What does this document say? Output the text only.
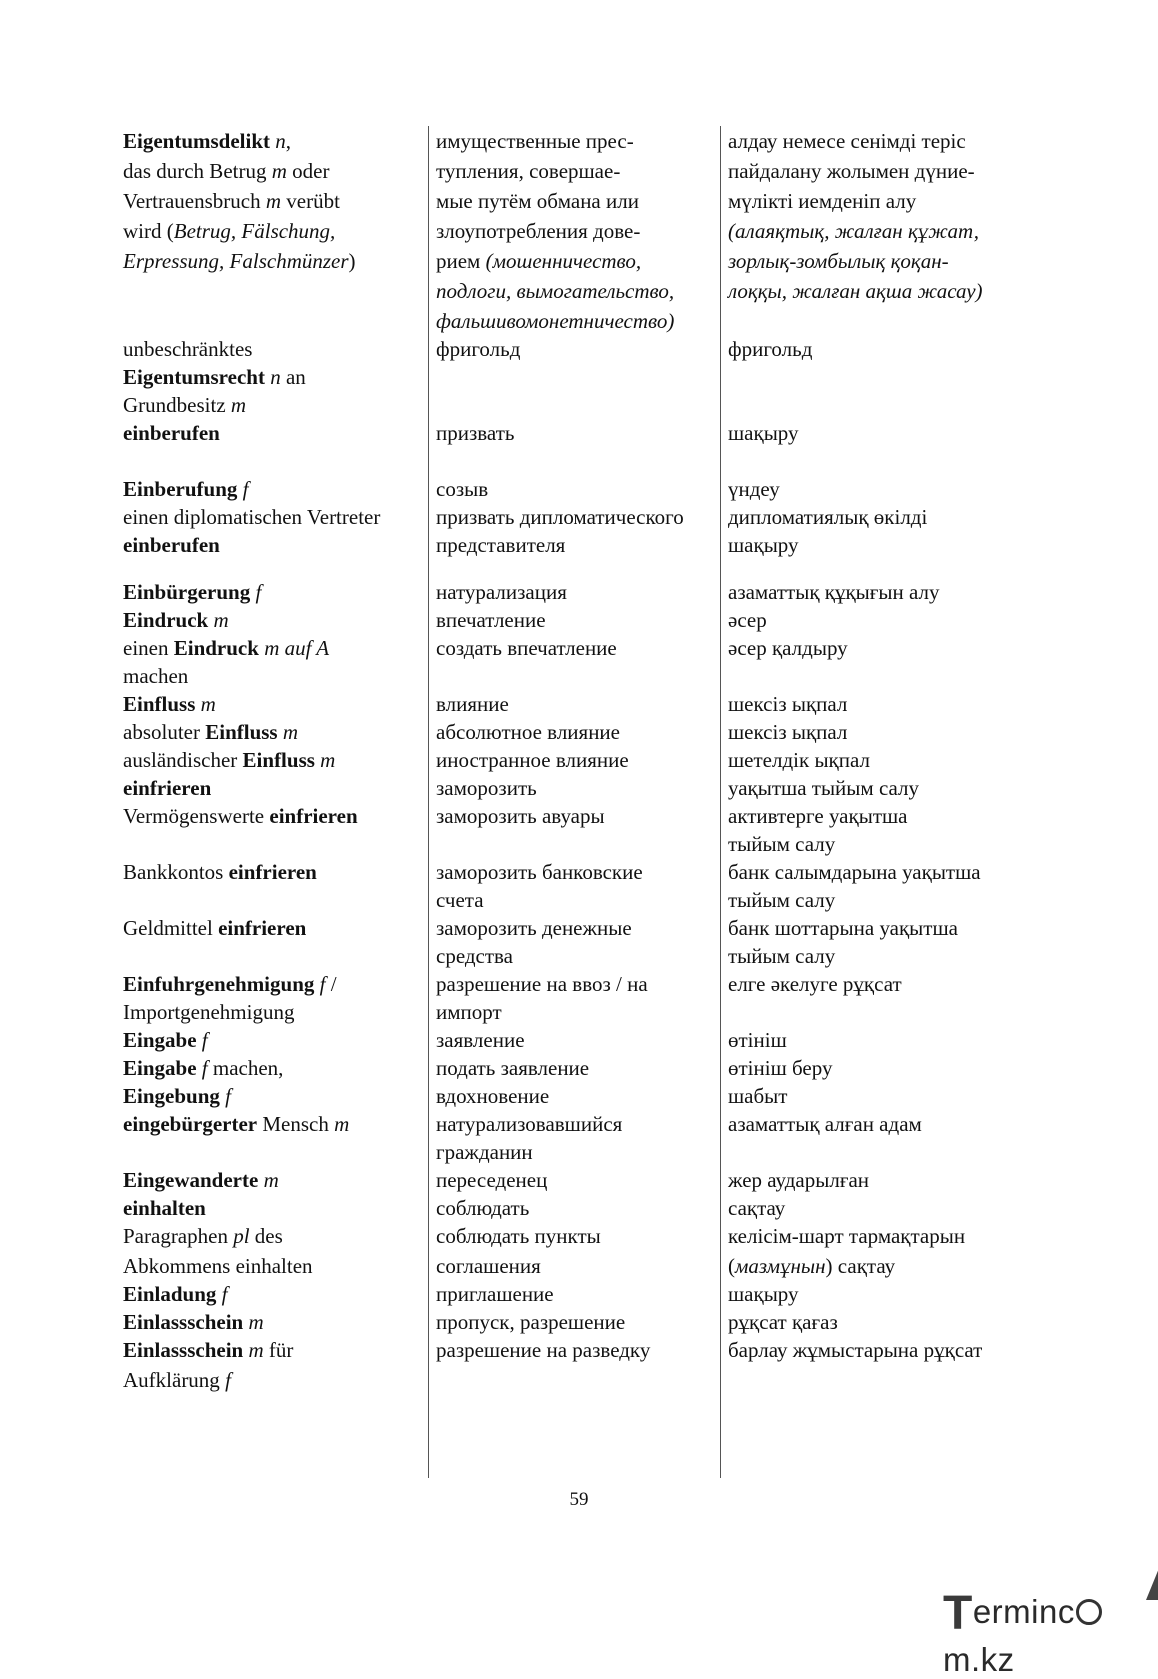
Eigentumsdelikt n,
das durch Betrug m oder
Vertrauensbruch m verübt
wird (Betrug, Fälschung,
Erpressung, Falschmünzer)
unbeschränktes
Eigentumsrecht n an
Grundbesitz m
einberufen
Einberufung f
einen diplomatischen Vertreter
einberufen
Einbürgerung f
Eindruck m
einen Eindruck m auf A
machen
Einfluss m
absoluter Einfluss m
ausländischer Einfluss m
einfrieren
Vermögenswerte einfrieren
Bankkontos einfrieren
Geldmittel einfrieren
Einfuhrgenehmigung f /
Importgenehmigung
Eingabe f
Eingabe f machen,
Eingebung f
eingebürgerter Mensch m
Eingewanderte m
einhalten
Paragraphen pl des
Abkommens einhalten
Einladung f
Einlassschein m
Einlassschein m für
Aufklärung f
имущественные прес-
тупления, совершае-
мые путём обмана или
злоупотребления дове-
рием (мошенничество,
подлоги, вымогательство,
фальшивомонетничество)
фригольд
призвать
созыв
призвать дипломатического
представителя
натурализация
впечатление
создать впечатление
влияние
абсолютное влияние
иностранное влияние
заморозить
заморозить авуары
заморозить банковские
счета
заморозить денежные
средства
разрешение на ввоз / на
импорт
заявление
подать заявление
вдохновение
натурализовавшийся
гражданин
переседенец
соблюдать
соблюдать пункты
соглашения
приглашение
пропуск, разрешение
разрешение на разведку
алдау немесе сенімді теріс
пайдалану жолымен дүние-
мүлікті иемденіп алу
(алаяқтық, жалған құжат,
зорлық-зомбылық қоқан-
лоққы, жалған ақша жасау)
фригольд
шақыру
үндеу
дипломатиялық өкілді
шақыру
азаматтық құқығын алу
әсер
әсер қалдыру
шексіз ықпал
шексіз ықпал
шетелдік ықпал
уақытша тыйым салу
активтерге уақытша
тыйым салу
банк салымдарына уақытша
тыйым салу
банк шоттарына уақытша
тыйым салу
елге әкелуге рұқсат
өтініш
өтініш беру
шабыт
азаматтық алған адам
жер аударылған
сақтау
келісім-шарт тармақтарын
(мазмұнын) сақтау
шақыру
рұқсат қағаз
барлау жұмыстарына рұқсат
59
Termincm.kz
